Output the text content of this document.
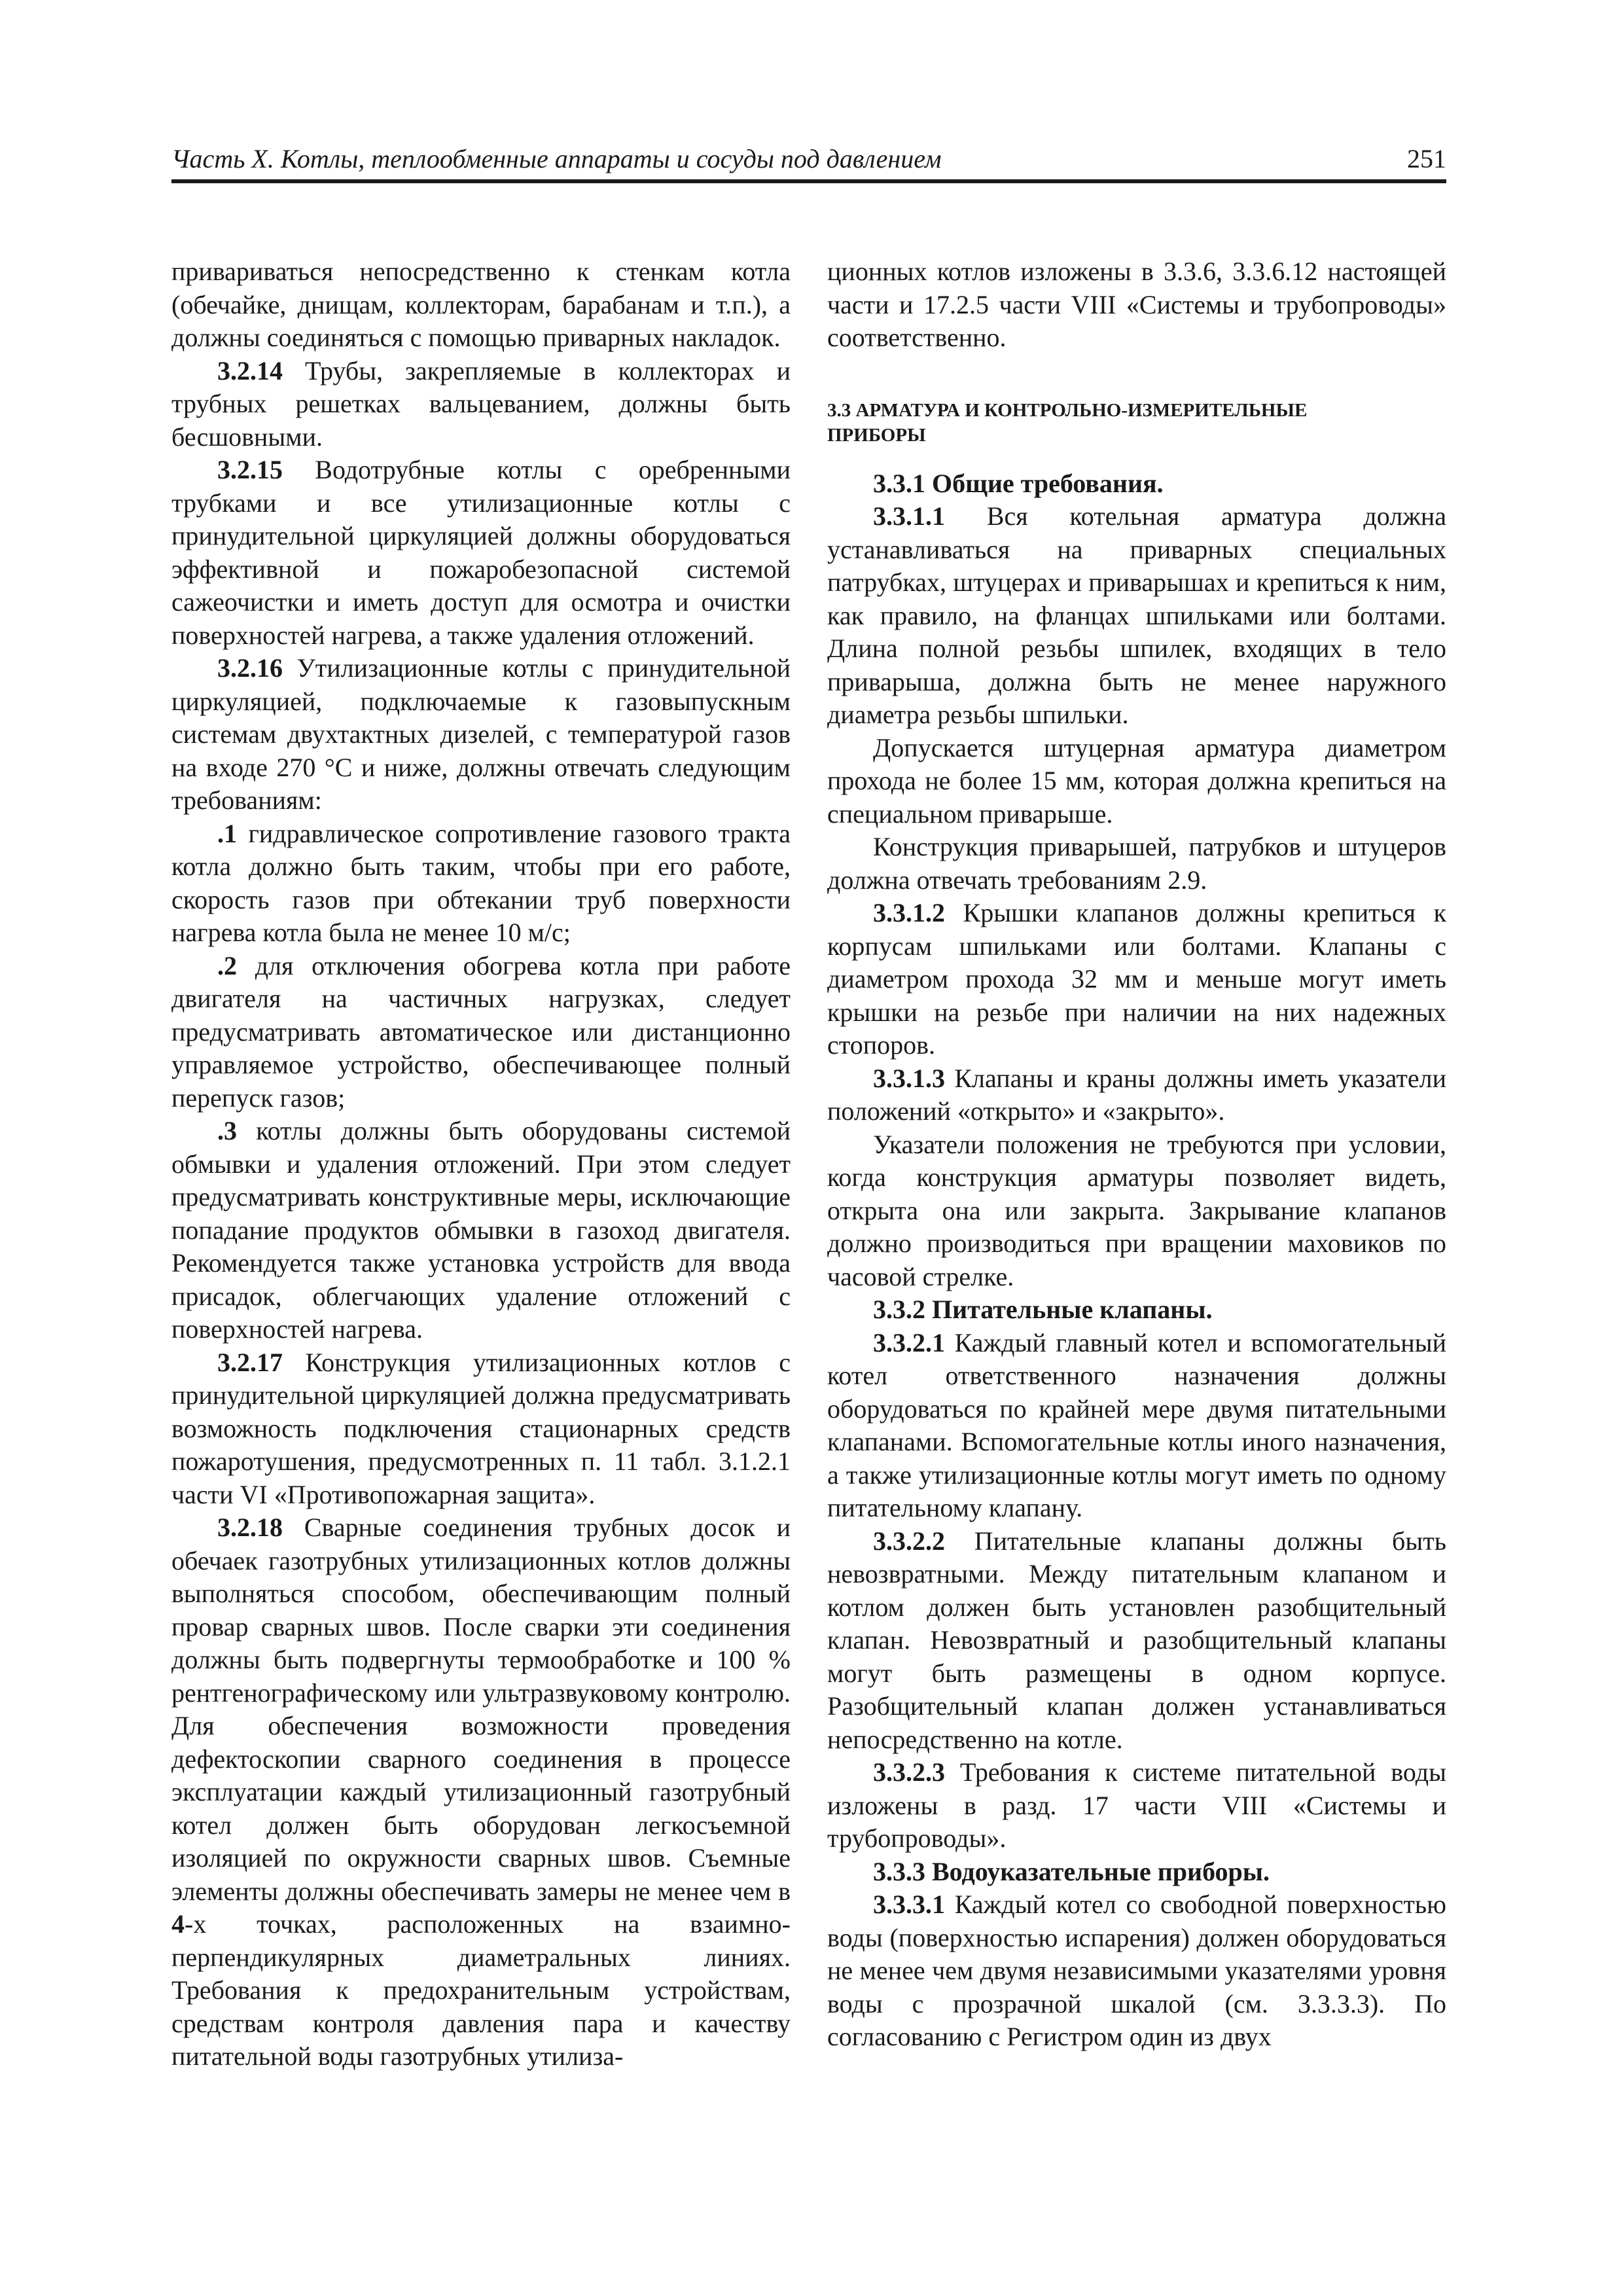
Часть X. Котлы, теплообменные аппараты и сосуды под давлением	251

привариваться непосредственно к стенкам котла (обечайке, днищам, коллекторам, барабанам и т.п.), а должны соединяться с помощью приварных накладок.

3.2.14 Трубы, закрепляемые в коллекторах и трубных решетках вальцеванием, должны быть бесшовными.

3.2.15 Водотрубные котлы с оребренными трубками и все утилизационные котлы с принудительной циркуляцией должны оборудоваться эффективной и пожаробезопасной системой сажеочистки и иметь доступ для осмотра и очистки поверхностей нагрева, а также удаления отложений.

3.2.16 Утилизационные котлы с принудительной циркуляцией, подключаемые к газовыпускным системам двухтактных дизелей, с температурой газов на входе 270 °С и ниже, должны отвечать следующим требованиям:

.1 гидравлическое сопротивление газового тракта котла должно быть таким, чтобы при его работе, скорость газов при обтекании труб поверхности нагрева котла была не менее 10 м/с;

.2 для отключения обогрева котла при работе двигателя на частичных нагрузках, следует предусматривать автоматическое или дистанционно управляемое устройство, обеспечивающее полный перепуск газов;

.3 котлы должны быть оборудованы системой обмывки и удаления отложений. При этом следует предусматривать конструктивные меры, исключающие попадание продуктов обмывки в газоход двигателя. Рекомендуется также установка устройств для ввода присадок, облегчающих удаление отложений с поверхностей нагрева.

3.2.17 Конструкция утилизационных котлов с принудительной циркуляцией должна предусматривать возможность подключения стационарных средств пожаротушения, предусмотренных п. 11 табл. 3.1.2.1 части VI «Противопожарная защита».

3.2.18 Сварные соединения трубных досок и обечаек газотрубных утилизационных котлов должны выполняться способом, обеспечивающим полный провар сварных швов. После сварки эти соединения должны быть подвергнуты термообработке и 100 % рентгенографическому или ультразвуковому контролю. Для обеспечения возможности проведения дефектоскопии сварного соединения в процессе эксплуатации каждый утилизационный газотрубный котел должен быть оборудован легкосъемной изоляцией по окружности сварных швов. Съемные элементы должны обеспечивать замеры не менее чем в 4-х точках, расположенных на взаимно-перпендикулярных диаметральных линиях. Требования к предохранительным устройствам, средствам контроля давления пара и качеству питательной воды газотрубных утилиза-

ционных котлов изложены в 3.3.6, 3.3.6.12 настоящей части и 17.2.5 части VIII «Системы и трубопроводы» соответственно.

3.3 АРМАТУРА И КОНТРОЛЬНО-ИЗМЕРИТЕЛЬНЫЕ

ПРИБОРЫ

3.3.1 Общие требования.

3.3.1.1 Вся котельная арматура должна устанавливаться на приварных специальных патрубках, штуцерах и приварышах и крепиться к ним, как правило, на фланцах шпильками или болтами. Длина полной резьбы шпилек, входящих в тело приварыша, должна быть не менее наружного диаметра резьбы шпильки.

Допускается штуцерная арматура диаметром прохода не более 15 мм, которая должна крепиться на специальном приварыше.

Конструкция приварышей, патрубков и штуцеров должна отвечать требованиям 2.9.

3.3.1.2 Крышки клапанов должны крепиться к корпусам шпильками или болтами. Клапаны с диаметром прохода 32 мм и меньше могут иметь крышки на резьбе при наличии на них надежных стопоров.

3.3.1.3 Клапаны и краны должны иметь указатели положений «открыто» и «закрыто».

Указатели положения не требуются при условии, когда конструкция арматуры позволяет видеть, открыта она или закрыта. Закрывание клапанов должно производиться при вращении маховиков по часовой стрелке.

3.3.2 Питательные клапаны.

3.3.2.1 Каждый главный котел и вспомогательный котел ответственного назначения должны оборудоваться по крайней мере двумя питательными клапанами. Вспомогательные котлы иного назначения, а также утилизационные котлы могут иметь по одному питательному клапану.

3.3.2.2 Питательные клапаны должны быть невозвратными. Между питательным клапаном и котлом должен быть установлен разобщительный клапан. Невозвратный и разобщительный клапаны могут быть размещены в одном корпусе. Разобщительный клапан должен устанавливаться непосредственно на котле.

3.3.2.3 Требования к системе питательной воды изложены в разд. 17 части VIII «Системы и трубопроводы».

3.3.3 Водоуказательные приборы.

3.3.3.1 Каждый котел со свободной поверхностью воды (поверхностью испарения) должен оборудоваться не менее чем двумя независимыми указателями уровня воды с прозрачной шкалой (см. 3.3.3.3). По согласованию с Регистром один из двух
